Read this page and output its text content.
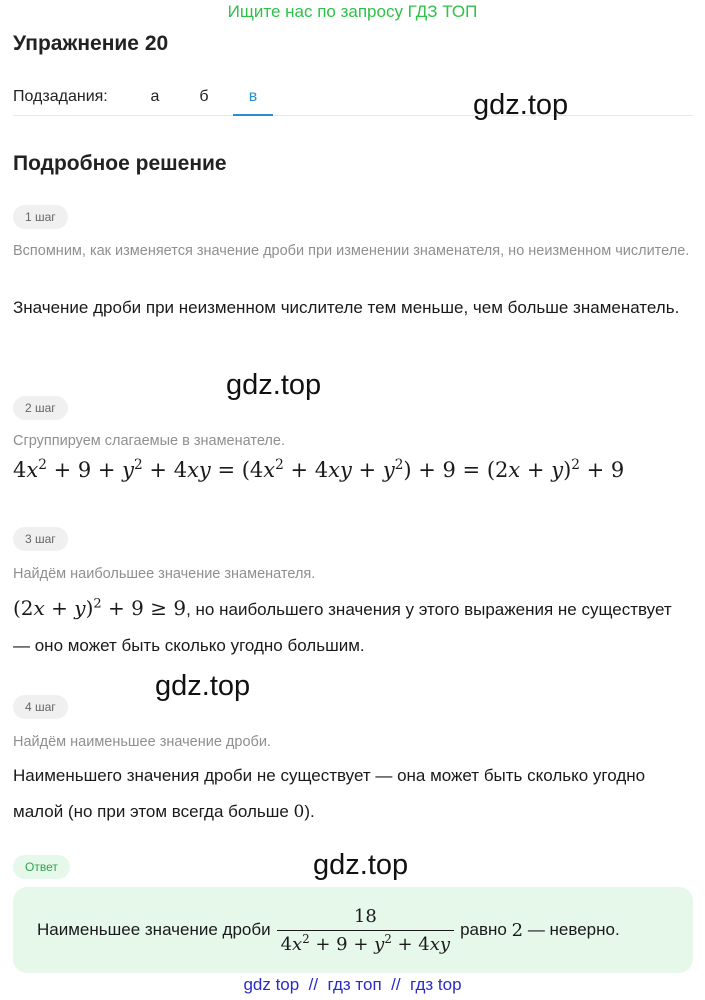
Ищите нас по запросу ГДЗ ТОП
Упражнение 20
Подзадания:	а	б	в	gdz.top
Подробное решение
1 шаг
Вспомним, как изменяется значение дроби при изменении знаменателя, но неизменном числителе.
Значение дроби при неизменном числителе тем меньше, чем больше знаменатель.
gdz.top
2 шаг
Сгруппируем слагаемые в знаменателе.
$4x^2 + 9 + y^2 + 4xy = (4x^2 + 4xy + y^2) + 9 = (2x + y)^2 + 9$
3 шаг
Найдём наибольшее значение знаменателя.
$(2x + y)^2 + 9 \ge 9$, но наибольшего значения у этого выражения не существует — оно может быть сколько угодно большим.
gdz.top
4 шаг
Найдём наименьшее значение дроби.
Наименьшего значения дроби не существует — она может быть сколько угодно малой (но при этом всегда больше 0).
gdz.top
Ответ
Наименьшее значение дроби $\frac{18}{4x^2 + 9 + y^2 + 4xy}$ равно
2
— неверно.
gdz top  //  гдз топ  //  гдз top
